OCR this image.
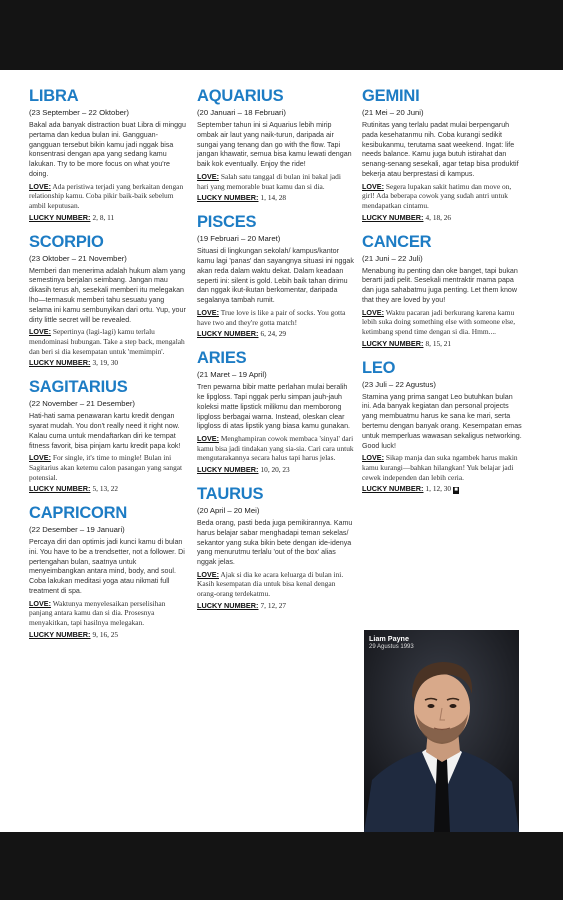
LIBRA
(23 September – 22 Oktober)

Bakal ada banyak distraction buat Libra di minggu pertama dan kedua bulan ini. Gangguan-gangguan tersebut bikin kamu jadi nggak bisa konsentrasi dengan apa yang sedang kamu lakukan. Try to be more focus on what you're doing.

LOVE: Ada peristiwa terjadi yang berkaitan dengan relationship kamu. Coba pikir baik-baik sebelum ambil keputusan.

LUCKY NUMBER: 2, 8, 11

SCORPIO
(23 Oktober – 21 November)

Memberi dan menerima adalah hukum alam yang semestinya berjalan seimbang. Jangan mau dikasih terus ah, sesekali memberi itu melegakan lho—termasuk memberi tahu sesuatu yang selama ini kamu sembunyikan dari ortu. Yup, your dirty little secret will be revealed.

LOVE: Sepertinya (lagi-lagi) kamu terlalu mendominasi hubungan. Take a step back, mengalah dan beri si dia kesempatan untuk 'memimpin'.

LUCKY NUMBER: 3, 19, 30

SAGITARIUS
(22 November – 21 Desember)

Hati-hati sama penawaran kartu kredit dengan syarat mudah. You don't really need it right now. Kalau cuma untuk mendaftarkan diri ke tempat fitness favorit, bisa pinjam kartu kredit papa kok!

LOVE: For single, it's time to mingle! Bulan ini Sagitarius akan ketemu calon pasangan yang sangat potensial.

LUCKY NUMBER: 5, 13, 22

CAPRICORN
(22 Desember – 19 Januari)

Percaya diri dan optimis jadi kunci kamu di bulan ini. You have to be a trendsetter, not a follower. Di pertengahan bulan, saatnya untuk menyeimbangkan antara mind, body, and soul. Coba lakukan meditasi yoga atau nikmati full treatment di spa.

LOVE: Waktunya menyelesaikan perselisihan panjang antara kamu dan si dia. Prosesnya menyakitkan, tapi hasilnya melegakan.

LUCKY NUMBER: 9, 16, 25

AQUARIUS
(20 Januari – 18 Februari)

September tahun ini si Aquarius lebih mirip ombak air laut yang naik-turun, daripada air sungai yang tenang dan go with the flow. Tapi jangan khawatir, semua bisa kamu lewati dengan baik kok eventually. Enjoy the ride!

LOVE: Salah satu tanggal di bulan ini bakal jadi hari yang memorable buat kamu dan si dia.

LUCKY NUMBER: 1, 14, 28

PISCES
(19 Februari – 20 Maret)

Situasi di lingkungan sekolah/ kampus/kantor kamu lagi 'panas' dan sayangnya situasi ini nggak akan reda dalam waktu dekat. Dalam keadaan seperti ini: silent is gold. Lebih baik tahan dirimu dan nggak ikut-ikutan berkomentar, daripada segalanya tambah rumit.

LOVE: True love is like a pair of socks. You gotta have two and they're gotta match!

LUCKY NUMBER: 6, 24, 29

ARIES
(21 Maret – 19 April)

Tren pewarna bibir matte perlahan mulai beralih ke lipgloss. Tapi nggak perlu simpan jauh-jauh koleksi matte lipstick milikmu dan memborong lipgloss berbagai warna. Instead, oleskan clear lipgloss di atas lipstik yang biasa kamu gunakan.

LOVE: Menghampiran cowok membaca 'sinyal' dari kamu bisa jadi tindakan yang sia-sia. Cari cara untuk mengutarakannya secara halus tapi harus jelas.

LUCKY NUMBER: 10, 20, 23

TAURUS
(20 April – 20 Mei)

Beda orang, pasti beda juga pemikirannya. Kamu harus belajar sabar menghadapi teman sekelas/ sekantor yang suka bikin bete dengan ide-idenya yang menurutmu terlalu 'out of the box' alias nggak jelas.

LOVE: Ajak si dia ke acara keluarga di bulan ini. Kasih kesempatan dia untuk bisa kenal dengan orang-orang terdekatmu.

LUCKY NUMBER: 7, 12, 27

GEMINI
(21 Mei – 20 Juni)

Rutinitas yang terlalu padat mulai berpengaruh pada kesehatanmu nih. Coba kurangi sedikit kesibukanmu, terutama saat weekend. Ingat: life needs balance. Kamu juga butuh istirahat dan senang-senang sesekali, agar tetap bisa produktif bekerja atau berprestasi di kampus.

LOVE: Segera lupakan sakit hatimu dan move on, girl! Ada beberapa cowok yang sudah antri untuk mendapatkan cintamu.

LUCKY NUMBER: 4, 18, 26

CANCER
(21 Juni – 22 Juli)

Menabung itu penting dan oke banget, tapi bukan berarti jadi pelit. Sesekali mentraktir mama papa dan juga sahabatmu juga penting. Let them know that they are loved by you!

LOVE: Waktu pacaran jadi berkurang karena kamu lebih suka doing something else with someone else, ketimbang spend time dengan si dia. Hmm....

LUCKY NUMBER: 8, 15, 21

LEO
(23 Juli – 22 Agustus)

Stamina yang prima sangat Leo butuhkan bulan ini. Ada banyak kegiatan dan personal projects yang membuatmu harus ke sana ke mari, serta bertemu dengan banyak orang. Kesempatan emas untuk memperluas wawasan sekaligus networking. Good luck!

LOVE: Sikap manja dan suka ngambek harus makin kamu kurangi—bahkan hilangkan! Yuk belajar jadi cewek independen dan lebih ceria.

LUCKY NUMBER: 1, 12, 30 ■

Liam Payne
29 Agustus 1993
